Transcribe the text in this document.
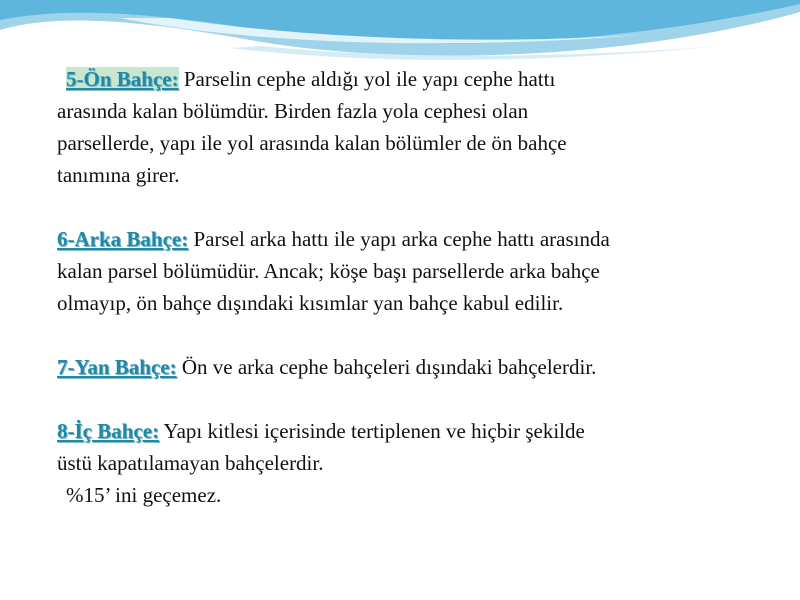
5-Ön Bahçe: Parselin cephe aldığı yol ile yapı cephe hattı
arasında kalan bölümdür. Birden fazla yola cephesi olan
parsellerde, yapı ile yol arasında kalan bölümler de ön bahçe
tanımına girer.
6-Arka Bahçe: Parsel arka hattı ile yapı arka cephe hattı arasında
kalan parsel bölümüdür. Ancak; köşe başı parsellerde arka bahçe
olmayıp, ön bahçe dışındaki kısımlar yan bahçe kabul edilir.
7-Yan Bahçe: Ön ve arka cephe bahçeleri dışındaki bahçelerdir.
8-İç Bahçe: Yapı kitlesi içerisinde tertiplenen ve hiçbir şekilde
üstü kapatılamayan bahçelerdir.
%15’ ini geçemez.
